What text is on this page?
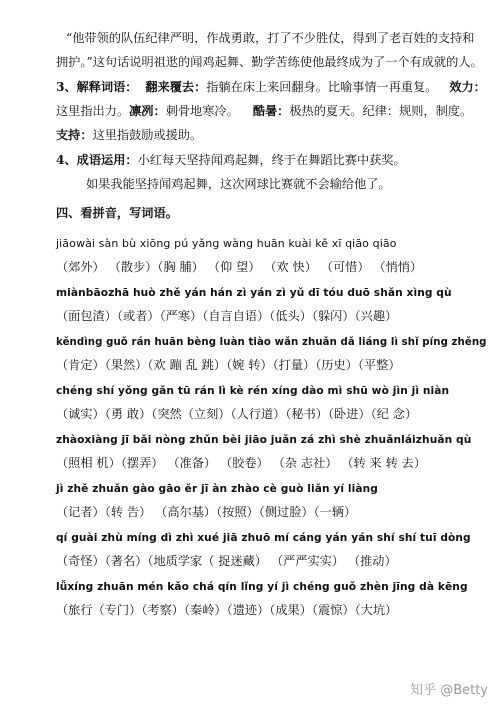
“他带领的队伍纪律严明，作战勇敢，打了不少胜仗，得到了老百姓的支持和
拥护。”这句话说明祖逖的闻鸡起舞、勤学苦练使他最终成为了一个有成就的人。
3、解释词语： 翻来覆去：指躺在床上来回翻身。比喻事情一再重复。 效力：
这里指出力。凛冽：刺骨地寒冷。 酷暑：极热的夏天。纪律：规则，制度。
支持：这里指鼓励或援助。
4、成语运用：小红每天坚持闻鸡起舞，终于在舞蹈比赛中获奖。
如果我能坚持闻鸡起舞，这次网球比赛就不会输给他了。
四、看拼音，写词语。
jiāowài sàn bù xiōng pú yǎng wàng huān kuài kě xī qiāo qiāo
（郊外） （散步）（胸 脯） （仰 望） （欢 快） （可惜） （悄悄）
miànbāozhā huò zhě yán hán zì yán zì yǔ dī tóu duō shǎn xìng qù
（面包渣）（或者）（严寒）（自言自语）（低头）（躲闪）（兴趣）
kěndìng guǒ rán huān bèng luàn tiào wǎn zhuǎn dǎ liáng lì shǐ píng zhěng
（肯定）（果然）（欢 蹦 乱 跳）（婉 转）（打量）（历史）（平整）
chéng shí yǒng gǎn tū rán lì kè rén xíng dào mì shū wò jìn jì niàn
（诚实）（勇 敢）（突然（立刻）（人行道）（秘书）（卧进）（纪 念）
zhàoxiàng jī bǎi nòng zhǔn bèi jiāo juǎn zá zhì shè zhuǎnláizhuǎn qù
（照相 机）（摆弄） （准备） （胶卷） （杂 志社） （转 来 转 去）
jì zhě zhuǎn gào gāo ěr jī àn zhào cè guò liǎn yí liàng
（记者）（转 告） （高尔基）（按照）（侧过脸）（一辆）
qí guài zhù míng dì zhì xué jiā zhuō mí cáng yán yán shí shí tuī dòng
（奇怪）（著名）（地质学家（ 捉迷藏） （严严实实） （推动）
lǚxíng zhuān mén kǎo chá qín lǐng yí jì chéng guǒ zhèn jīng dà kēng
（旅行（专门）（考察）（秦岭）（遗迹）（成果）（震惊）（大坑）
知乎 @Betty
